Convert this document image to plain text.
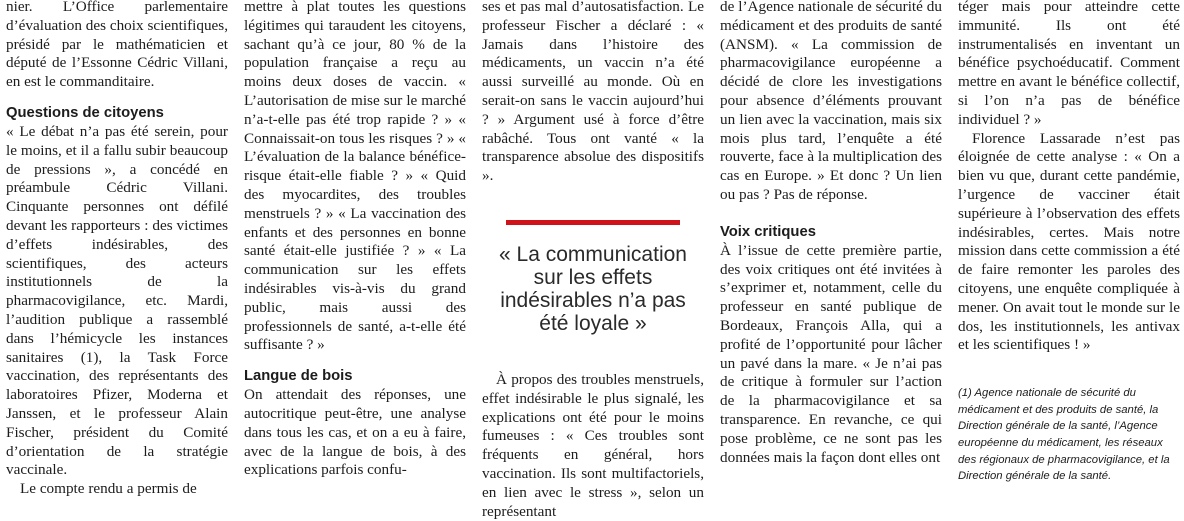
nier. L’Office parlementaire d’évaluation des choix scientifiques, présidé par le mathématicien et député de l’Essonne Cédric Villani, en est le commanditaire.

Questions de citoyens

« Le débat n’a pas été serein, pour le moins, et il a fallu subir beaucoup de pressions », a concédé en préambule Cédric Villani. Cinquante personnes ont défilé devant les rapporteurs : des victimes d’effets indésirables, des scientifiques, des acteurs institutionnels de la pharmacovigilance, etc. Mardi, l’audition publique a rassemblé dans l’hémicycle les instances sanitaires (1), la Task Force vaccination, des représentants des laboratoires Pfizer, Moderna et Janssen, et le professeur Alain Fischer, président du Comité d’orientation de la stratégie vaccinale.

Le compte rendu a permis de

mettre à plat toutes les questions légitimes qui taraudent les citoyens, sachant qu’à ce jour, 80 % de la population française a reçu au moins deux doses de vaccin. « L’autorisation de mise sur le marché n’a-t-elle pas été trop rapide ? » « Connaissait-on tous les risques ? » « L’évaluation de la balance bénéfice-risque était-elle fiable ? » « Quid des myocardites, des troubles menstruels ? » « La vaccination des enfants et des personnes en bonne santé était-elle justifiée ? » « La communication sur les effets indésirables vis-à-vis du grand public, mais aussi des professionnels de santé, a-t-elle été suffisante ? »

Langue de bois

On attendait des réponses, une autocritique peut-être, une analyse dans tous les cas, et on a eu à faire, avec de la langue de bois, à des explications parfois confu-

ses et pas mal d’autosatisfaction. Le professeur Fischer a déclaré : « Jamais dans l’histoire des médicaments, un vaccin n’a été aussi surveillé au monde. Où en serait-on sans le vaccin aujourd’hui ? » Argument usé à force d’être rabâché. Tous ont vanté « la transparence absolue des dispositifs ».

« La communication sur les effets indésirables n’a pas été loyale »

À propos des troubles menstruels, effet indésirable le plus signalé, les explications ont été pour le moins fumeuses : « Ces troubles sont fréquents en général, hors vaccination. Ils sont multifactoriels, en lien avec le stress », selon un représentant

de l’Agence nationale de sécurité du médicament et des produits de santé (ANSM). « La commission de pharmacovigilance européenne a décidé de clore les investigations pour absence d’éléments prouvant un lien avec la vaccination, mais six mois plus tard, l’enquête a été rouverte, face à la multiplication des cas en Europe. » Et donc ? Un lien ou pas ? Pas de réponse.

Voix critiques

À l’issue de cette première partie, des voix critiques ont été invitées à s’exprimer et, notamment, celle du professeur en santé publique de Bordeaux, François Alla, qui a profité de l’opportunité pour lâcher un pavé dans la mare. « Je n’ai pas de critique à formuler sur l’action de la pharmacovigilance et sa transparence. En revanche, ce qui pose problème, ce ne sont pas les données mais la façon dont elles ont

téger mais pour atteindre cette immunité. Ils ont été instrumentalisés en inventant un bénéfice psychoéducatif. Comment mettre en avant le bénéfice collectif, si l’on n’a pas de bénéfice individuel ? »

Florence Lassarade n’est pas éloignée de cette analyse : « On a bien vu que, durant cette pandémie, l’urgence de vacciner était supérieure à l’observation des effets indésirables, certes. Mais notre mission dans cette commission a été de faire remonter les paroles des citoyens, une enquête compliquée à mener. On avait tout le monde sur le dos, les institutionnels, les antivax et les scientifiques ! »

(1) Agence nationale de sécurité du médicament et des produits de santé, la Direction générale de la santé, l’Agence européenne du médicament, les réseaux des régionaux de pharmacovigilance, et la Direction générale de la santé.
